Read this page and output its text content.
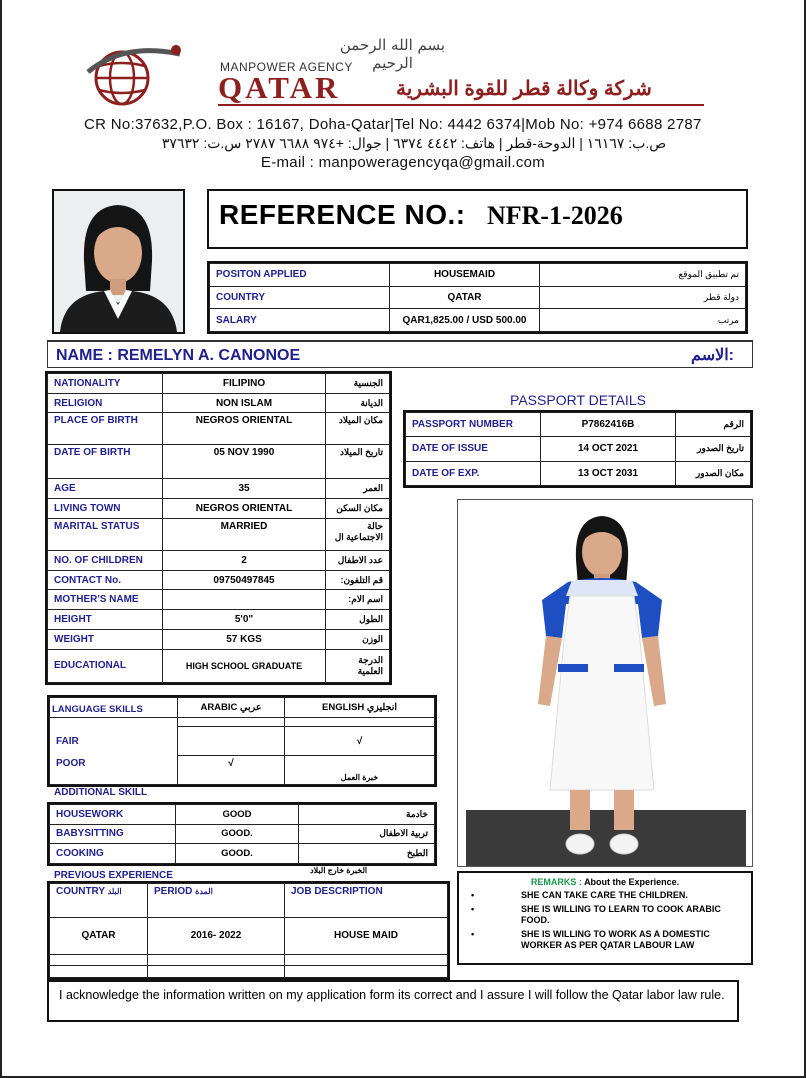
بسم الله الرحمن الرحيم
MANPOWER AGENCY
QATAR	شركة وكالة قطر للقوة البشرية
CR No:37632,P.O. Box : 16167, Doha-Qatar|Tel No: 4442 6374|Mob No: +974 6688 2787
ص.ب: ١٦١٦٧ | الدوحة-قطر | هاتف: ٤٤٤٢ ٦٣٧٤ | جوال: +٩٧٤ ٦٦٨٨ ٢٧٨٧ س.ت: ٣٧٦٣٢
E-mail : manpoweragencyqa@gmail.com
REFERENCE NO.: NFR-1-2026
POSITON APPLIED	HOUSEMAID	تم تطبيق الموقع
COUNTRY	QATAR	دولة قطر
SALARY	QAR1,825.00 / USD 500.00	مرتب
NAME : REMELYN A. CANONOE	الاسم:
NATIONALITY	FILIPINO	الجنسية
RELIGION	NON ISLAM	الديانة
PLACE OF BIRTH	NEGROS ORIENTAL	مكان الميلاد
DATE OF BIRTH	05 NOV 1990	تاريخ الميلاد
AGE	35	العمر
LIVING TOWN	NEGROS ORIENTAL	مكان السكن
MARITAL STATUS	MARRIED	حالة الاجتماعية ال
NO. OF CHILDREN	2	عدد الاطفال
CONTACT No.	09750497845	قم التلفون:
MOTHER'S NAME		اسم الام:
HEIGHT	5'0"	الطول
WEIGHT	57 KGS	الوزن
EDUCATIONAL	HIGH SCHOOL GRADUATE	الدرجة العلمية
PASSPORT DETAILS
PASSPORT NUMBER	P7862416B	الرقم
DATE OF ISSUE	14 OCT 2021	تاريخ الصدور
DATE OF EXP.	13 OCT 2031	مكان الصدور
LANGUAGE SKILLS	ARABIC عربي	ENGLISH انجليزي

FAIR		√
POOR	√	خبرة العمل
ADDITIONAL SKILL
HOUSEWORK	GOOD	خادمة
BABYSITTING	GOOD.	تربية الاطفال
COOKING	GOOD.	الطبخ
PREVIOUS EXPERIENCE	الخبرة خارج البلاد
COUNTRY البلد	PERIOD المدة	JOB DESCRIPTION
QATAR	2016- 2022	HOUSE MAID

REMARKS : About the Experience.
• SHE CAN TAKE CARE THE CHILDREN.
• SHE IS WILLING TO LEARN TO COOK ARABIC FOOD.
• SHE IS WILLING TO WORK AS A DOMESTIC WORKER AS PER QATAR LABOUR LAW
I acknowledge the information written on my application form its correct and I assure I will follow the Qatar labor law rule.
